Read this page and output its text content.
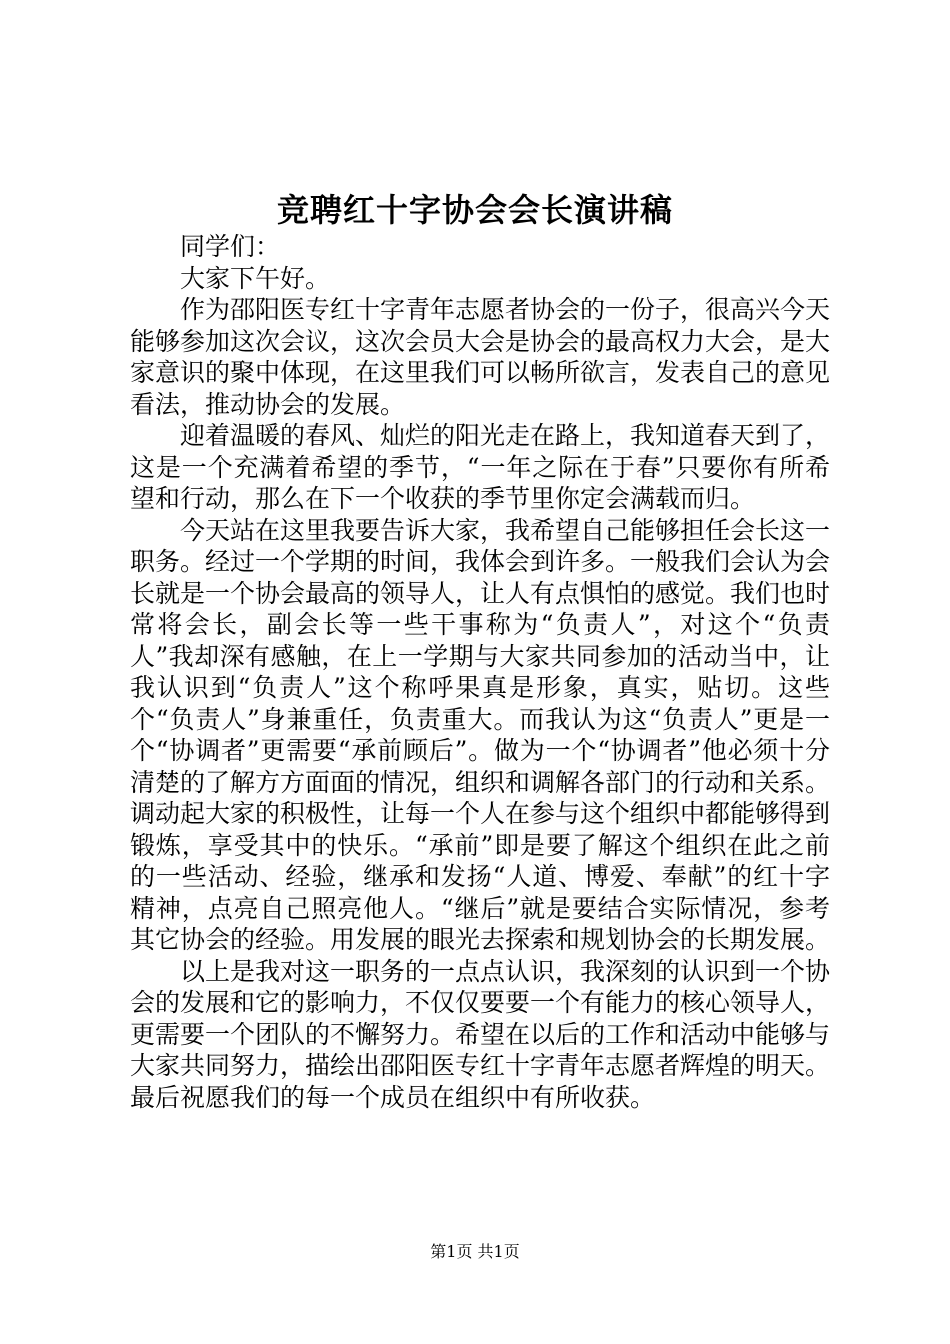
竞聘红十字协会会长演讲稿

同学们：

大家下午好。

作为邵阳医专红十字青年志愿者协会的一份子，很高兴今天能够参加这次会议，这次会员大会是协会的最高权力大会，是大家意识的聚中体现，在这里我们可以畅所欲言，发表自己的意见看法，推动协会的发展。

迎着温暖的春风、灿烂的阳光走在路上，我知道春天到了，这是一个充满着希望的季节，“一年之际在于春”只要你有所希望和行动，那么在下一个收获的季节里你定会满载而归。

今天站在这里我要告诉大家，我希望自己能够担任会长这一职务。经过一个学期的时间，我体会到许多。一般我们会认为会长就是一个协会最高的领导人，让人有点惧怕的感觉。我们也时常将会长，副会长等一些干事称为“负责人”，对这个“负责人”我却深有感触，在上一学期与大家共同参加的活动当中，让我认识到“负责人”这个称呼果真是形象，真实，贴切。这些个“负责人”身兼重任，负责重大。而我认为这“负责人”更是一个“协调者”更需要“承前顾后”。做为一个“协调者”他必须十分清楚的了解方方面面的情况，组织和调解各部门的行动和关系。调动起大家的积极性，让每一个人在参与这个组织中都能够得到锻炼，享受其中的快乐。“承前”即是要了解这个组织在此之前的一些活动、经验，继承和发扬“人道、博爱、奉献”的红十字精神，点亮自己照亮他人。“继后”就是要结合实际情况，参考其它协会的经验。用发展的眼光去探索和规划协会的长期发展。

以上是我对这一职务的一点点认识，我深刻的认识到一个协会的发展和它的影响力，不仅仅要要一个有能力的核心领导人，更需要一个团队的不懈努力。希望在以后的工作和活动中能够与大家共同努力，描绘出邵阳医专红十字青年志愿者辉煌的明天。最后祝愿我们的每一个成员在组织中有所收获。

第1页 共1页
